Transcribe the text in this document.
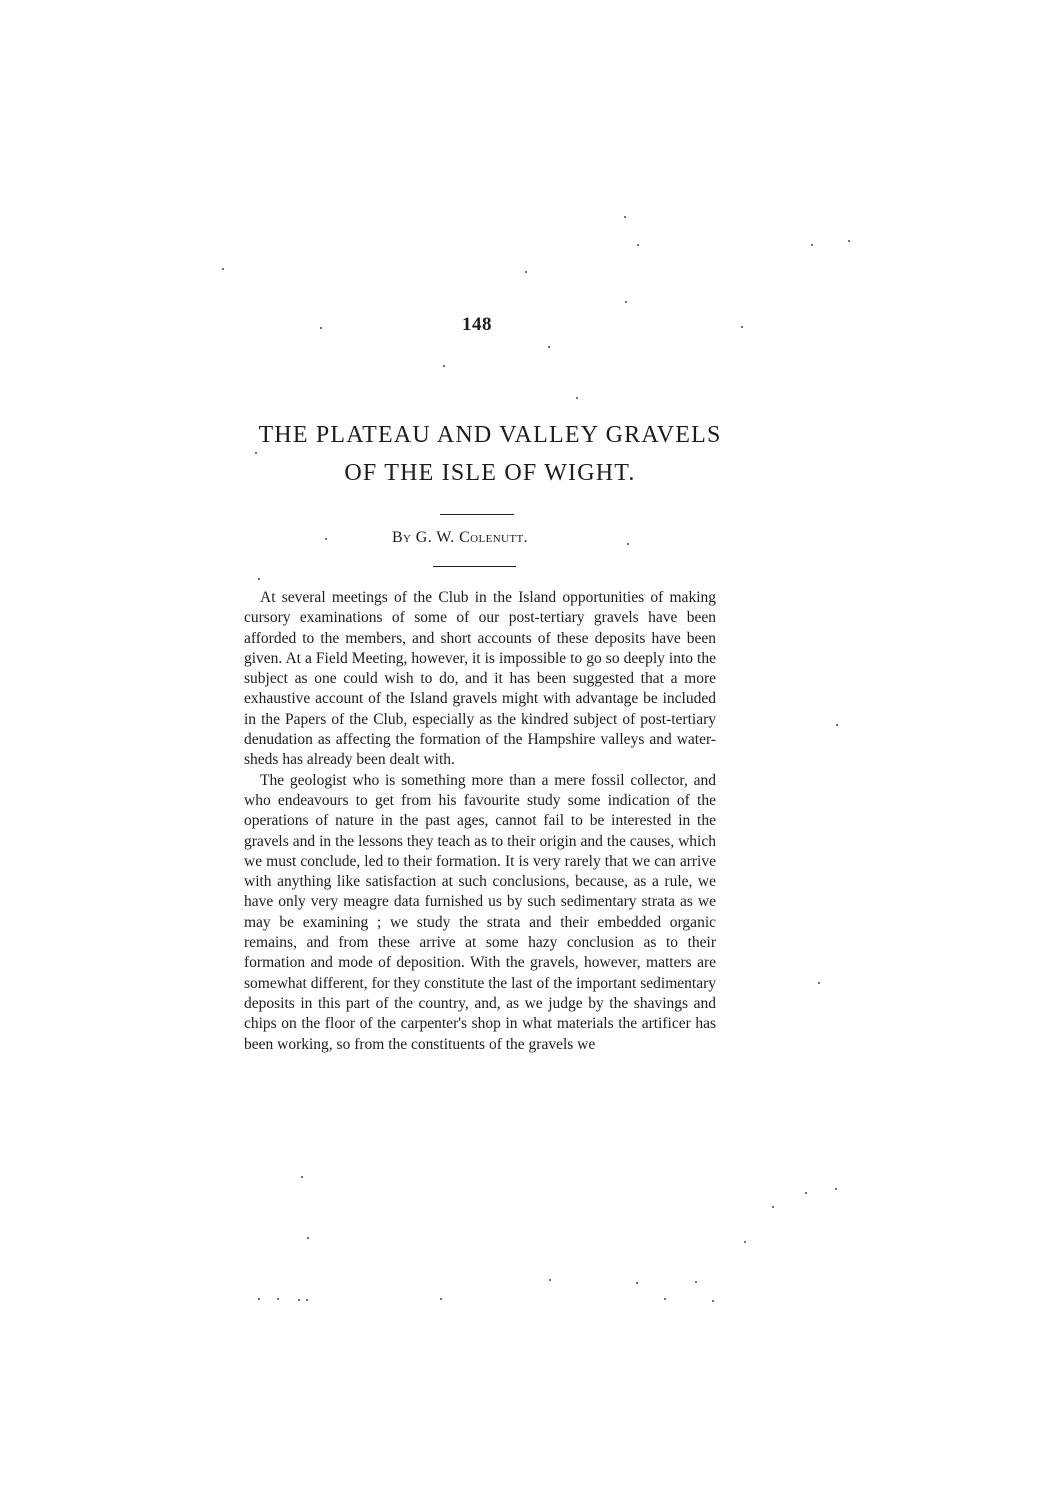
148
THE PLATEAU AND VALLEY GRAVELS
OF THE ISLE OF WIGHT.
By G. W. Colenutt.

At several meetings of the Club in the Island opportunities of making cursory examinations of some of our post-tertiary gravels have been afforded to the members, and short accounts of these deposits have been given. At a Field Meeting, however, it is impossible to go so deeply into the subject as one could wish to do, and it has been suggested that a more exhaustive account of the Island gravels might with advantage be included in the Papers of the Club, especially as the kindred subject of post-tertiary denudation as affecting the formation of the Hampshire valleys and water-sheds has already been dealt with.

The geologist who is something more than a mere fossil collector, and who endeavours to get from his favourite study some indication of the operations of nature in the past ages, cannot fail to be interested in the gravels and in the lessons they teach as to their origin and the causes, which we must conclude, led to their formation. It is very rarely that we can arrive with anything like satisfaction at such conclusions, because, as a rule, we have only very meagre data furnished us by such sedimentary strata as we may be examining ; we study the strata and their embedded organic remains, and from these arrive at some hazy conclusion as to their formation and mode of deposition. With the gravels, however, matters are somewhat different, for they constitute the last of the important sedimentary deposits in this part of the country, and, as we judge by the shavings and chips on the floor of the carpenter's shop in what materials the artificer has been working, so from the constituents of the gravels we
